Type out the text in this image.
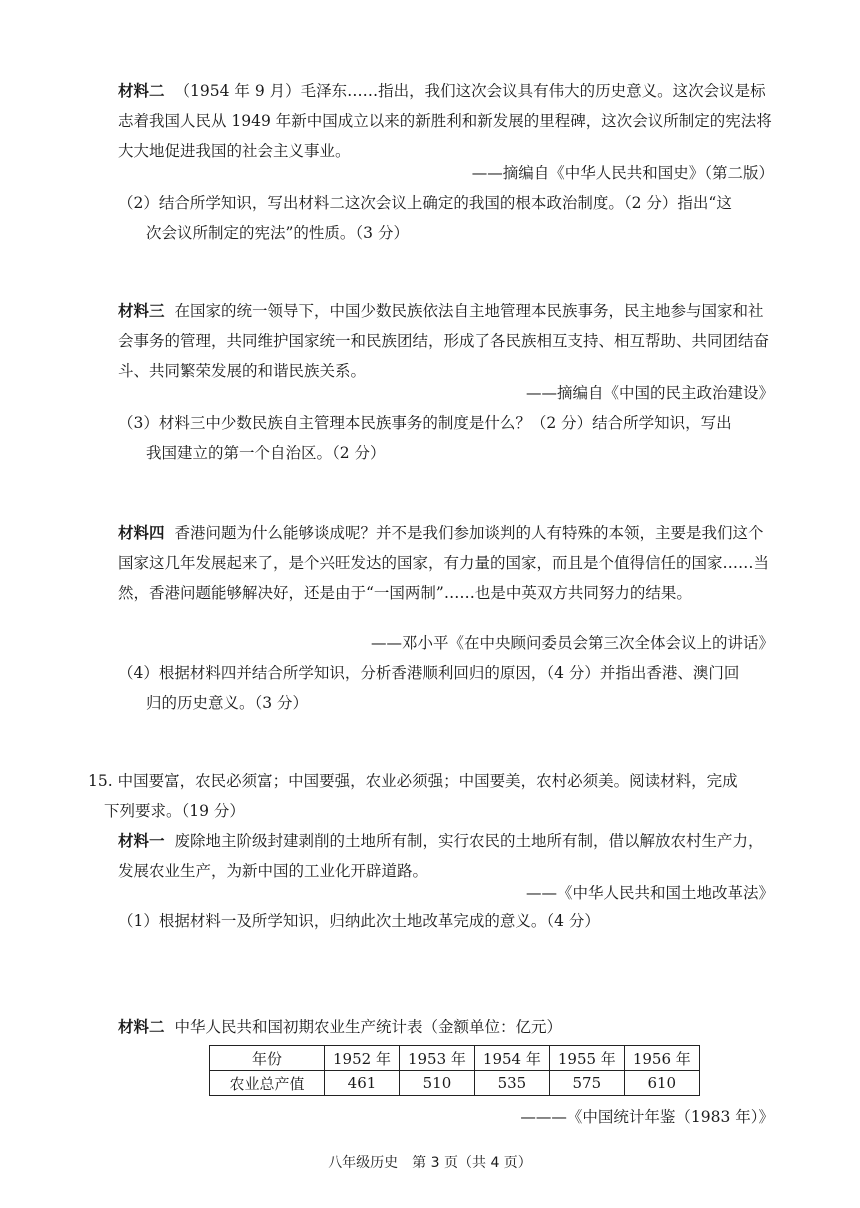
材料二 （1954 年 9 月）毛泽东……指出，我们这次会议具有伟大的历史意义。这次会议是标志着我国人民从 1949 年新中国成立以来的新胜利和新发展的里程碑，这次会议所制定的宪法将大大地促进我国的社会主义事业。
——摘编自《中华人民共和国史》（第二版）
（2）结合所学知识，写出材料二这次会议上确定的我国的根本政治制度。（2 分）指出“这
次会议所制定的宪法”的性质。（3 分）
材料三 在国家的统一领导下，中国少数民族依法自主地管理本民族事务，民主地参与国家和社会事务的管理，共同维护国家统一和民族团结，形成了各民族相互支持、相互帮助、共同团结奋斗、共同繁荣发展的和谐民族关系。
——摘编自《中国的民主政治建设》
（3）材料三中少数民族自主管理本民族事务的制度是什么？（2 分）结合所学知识，写出
我国建立的第一个自治区。（2 分）
材料四 香港问题为什么能够谈成呢？并不是我们参加谈判的人有特殊的本领，主要是我们这个国家这几年发展起来了，是个兴旺发达的国家，有力量的国家，而且是个值得信任的国家……当然，香港问题能够解决好，还是由于“一国两制”……也是中英双方共同努力的结果。
——邓小平《在中央顾问委员会第三次全体会议上的讲话》
（4）根据材料四并结合所学知识，分析香港顺利回归的原因，（4 分）并指出香港、澳门回
归的历史意义。（3 分）
15. 中国要富，农民必须富；中国要强，农业必须强；中国要美，农村必须美。阅读材料，完成
下列要求。（19 分）
材料一 废除地主阶级封建剥削的土地所有制，实行农民的土地所有制，借以解放农村生产力，发展农业生产，为新中国的工业化开辟道路。
——《中华人民共和国土地改革法》
（1）根据材料一及所学知识，归纳此次土地改革完成的意义。（4 分）
材料二 中华人民共和国初期农业生产统计表（金额单位：亿元）
年份	1952 年	1953 年	1954 年	1955 年	1956 年
农业总产值	461	510	535	575	610
———《中国统计年鉴（1983 年）》
八年级历史　第 3 页（共 4 页）
